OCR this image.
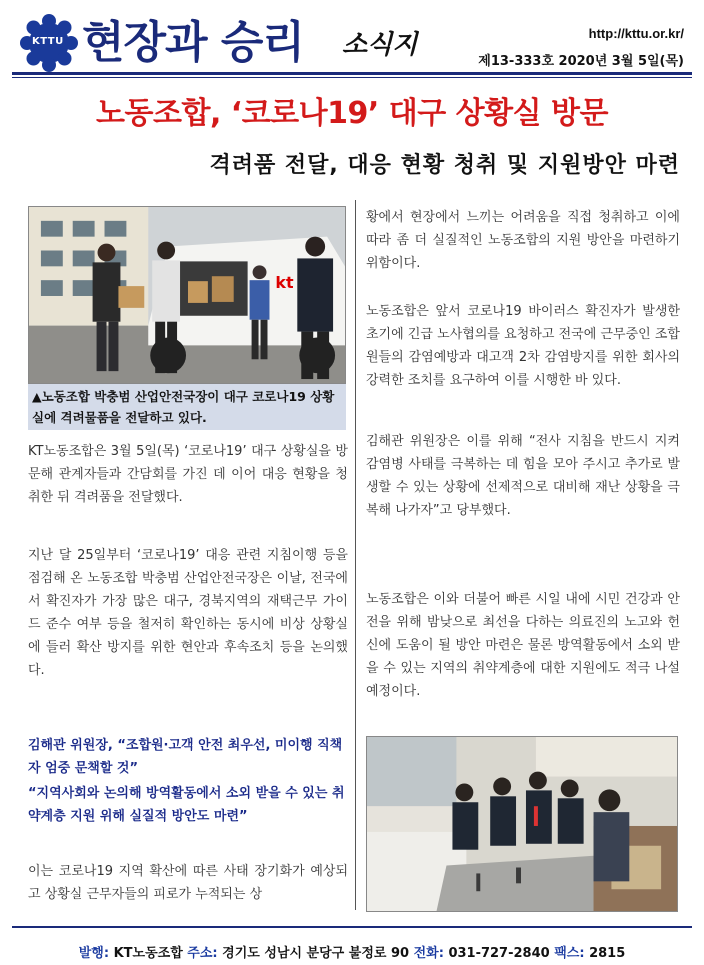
KTTU 현장과 승리 소식지	http://kttu.or.kr/
제13-333호 2020년 3월 5일(목)
노동조합, ‘코로나19’ 대구 상황실 방문
격려품 전달, 대응 현황 청취 및 지원방안 마련
kt
▲노동조합 박충범 산업안전국장이 대구 코로나19 상황실에 격려물품을 전달하고 있다.

KT노동조합은 3월 5일(목) ‘코로나19’ 대구 상황실을 방문해 관계자들과 간담회를 가진 데 이어 대응 현황을 청취한 뒤 격려품을 전달했다.

지난 달 25일부터 ‘코로나19’ 대응 관련 지침이행 등을 점검해 온 노동조합 박충범 산업안전국장은 이날, 전국에서 확진자가 가장 많은 대구, 경북지역의 재택근무 가이드 준수 여부 등을 철저히 확인하는 동시에 비상 상황실에 들러 확산 방지를 위한 현안과 후속조치 등을 논의했다.

김해관 위원장, “조합원·고객 안전 최우선, 미이행 직책자 엄중 문책할 것”

“지역사회와 논의해 방역활동에서 소외 받을 수 있는 취약계층 지원 위해 실질적 방안도 마련”

이는 코로나19 지역 확산에 따른 사태 장기화가 예상되고 상황실 근무자들의 피로가 누적되는 상

황에서 현장에서 느끼는 어려움을 직접 청취하고 이에 따라 좀 더 실질적인 노동조합의 지원 방안을 마련하기 위함이다.

노동조합은 앞서 코로나19 바이러스 확진자가 발생한 초기에 긴급 노사협의를 요청하고 전국에 근무중인 조합원들의 감염예방과 대고객 2차 감염방지를 위한 회사의 강력한 조치를 요구하여 이를 시행한 바 있다.

김해관 위원장은 이를 위해 “전사 지침을 반드시 지켜 감염병 사태를 극복하는 데 힘을 모아 주시고 추가로 발생할 수 있는 상황에 선제적으로 대비해 재난 상황을 극복해 나가자”고 당부했다.

노동조합은 이와 더불어 빠른 시일 내에 시민 건강과 안전을 위해 밤낮으로 최선을 다하는 의료진의 노고와 헌신에 도움이 될 방안 마련은 물론 방역활동에서 소외 받을 수 있는 지역의 취약계층에 대한 지원에도 적극 나설 예정이다.

발행: KT노동조합 주소: 경기도 성남시 분당구 불정로 90 전화: 031-727-2840 팩스: 2815
